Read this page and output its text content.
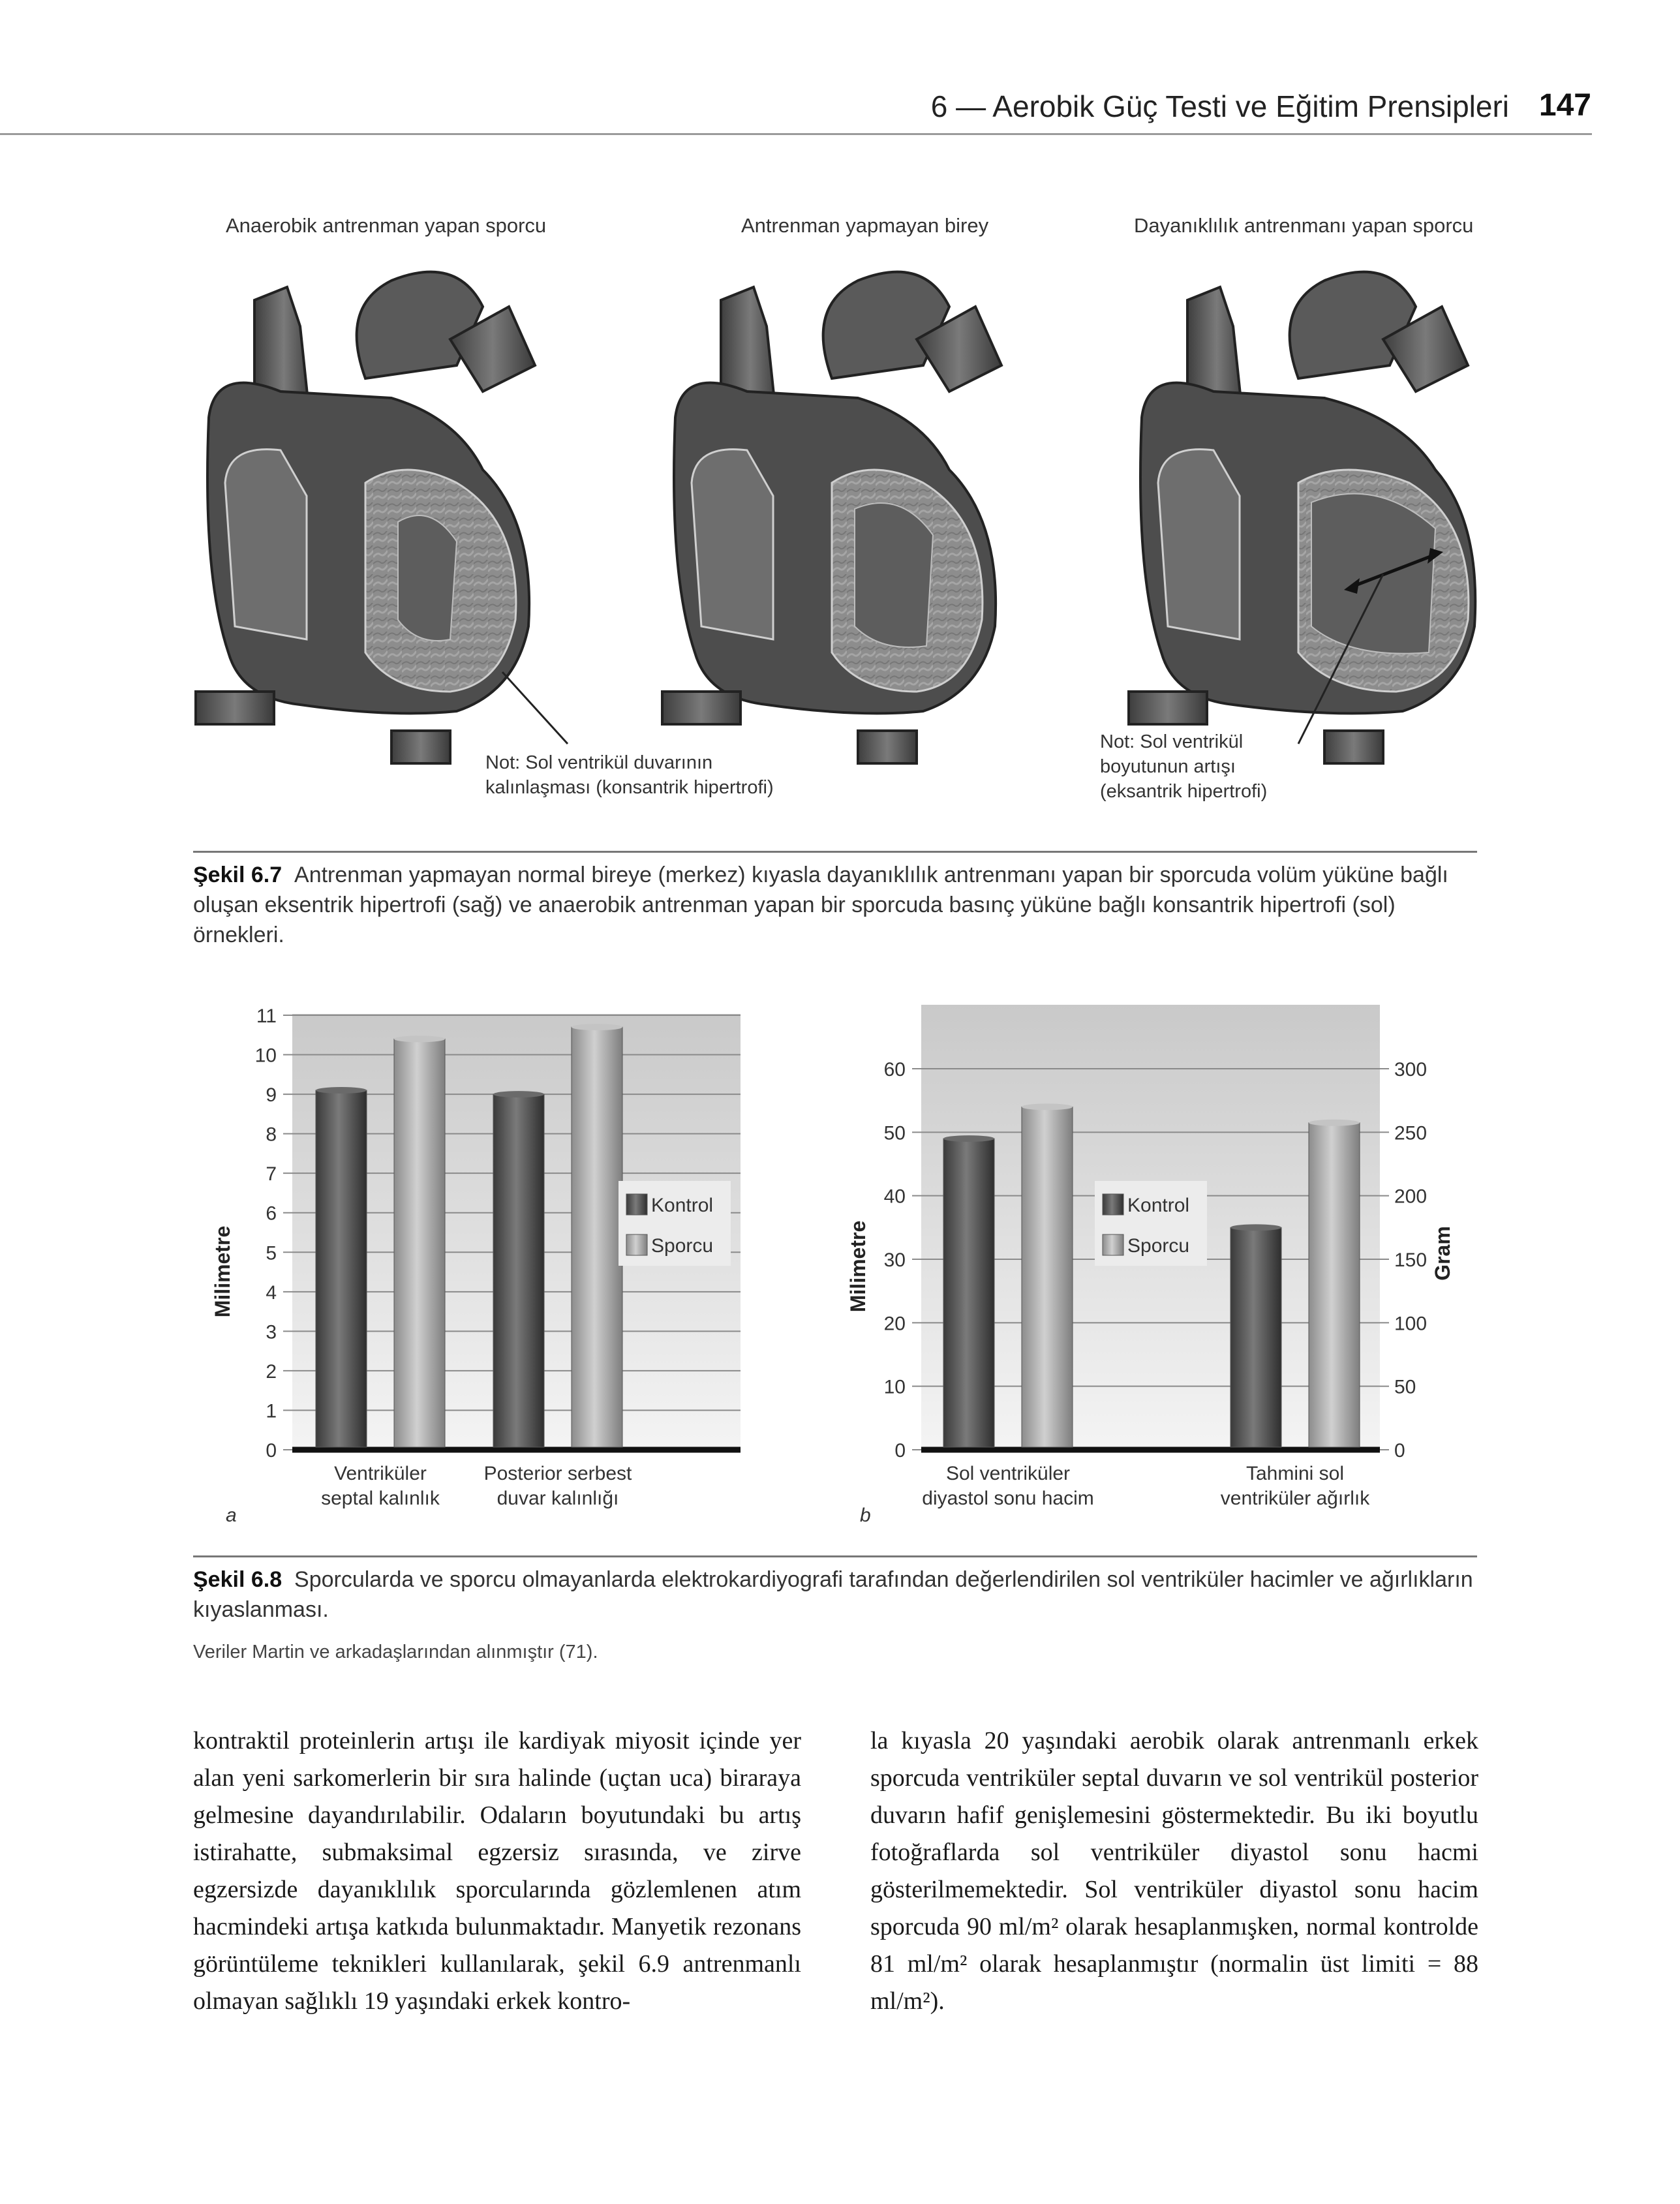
6 — Aerobik Güç Testi ve Eğitim Prensipleri 147
Anaerobik antrenman yapan sporcu	Antrenman yapmayan birey	Dayanıklılık antrenmanı yapan sporcu
Not: Sol ventrikül duvarının
kalınlaşması (konsantrik hipertrofi)
Not: Sol ventrikül
boyutunun artışı
(eksantrik hipertrofi)
Şekil 6.7 Antrenman yapmayan normal bireye (merkez) kıyasla dayanıklılık antrenmanı yapan bir sporcuda volüm yüküne bağlı oluşan eksentrik hipertrofi (sağ) ve anaerobik antrenman yapan bir sporcuda basınç yüküne bağlı konsantrik hipertrofi (sol) örnekleri.
0
1
2
3
4
5
6
7
8
9
10
11
Milimetre
Ventriküler
septal kalınlık
Posterior serbest
duvar kalınlığı
Kontrol
Sporcu
a
0
10
20
30
40
50
60
0
50
100
150
200
250
300
Gram
Milimetre
Sol ventriküler
diyastol sonu hacim
Tahmini sol
ventriküler ağırlık
Kontrol
Sporcu
b
Şekil 6.8 Sporcularda ve sporcu olmayanlarda elektrokardiyografi tarafından değerlendirilen sol ventriküler hacimler ve ağırlıkların kıyaslanması.
Veriler Martin ve arkadaşlarından alınmıştır (71).
kontraktil proteinlerin artışı ile kardiyak miyosit içinde yer alan yeni sarkomerlerin bir sıra halinde (uçtan uca) biraraya gelmesine dayandırılabilir. Odaların boyutundaki bu artış istirahatte, submaksimal egzersiz sırasında, ve zirve egzersizde dayanıklılık sporcularında gözlemlenen atım hacmindeki artışa katkıda bulunmaktadır. Manyetik rezonans görüntüleme teknikleri kullanılarak, şekil 6.9 antrenmanlı olmayan sağlıklı 19 yaşındaki erkek kontro-
la kıyasla 20 yaşındaki aerobik olarak antrenmanlı erkek sporcuda ventriküler septal duvarın ve sol ventrikül posterior duvarın hafif genişlemesini göstermektedir. Bu iki boyutlu fotoğraflarda sol ventriküler diyastol sonu hacmi gösterilmemektedir. Sol ventriküler diyastol sonu hacim sporcuda 90 ml/m² olarak hesaplanmışken, normal kontrolde 81 ml/m² olarak hesaplanmıştır (normalin üst limiti = 88 ml/m²).
